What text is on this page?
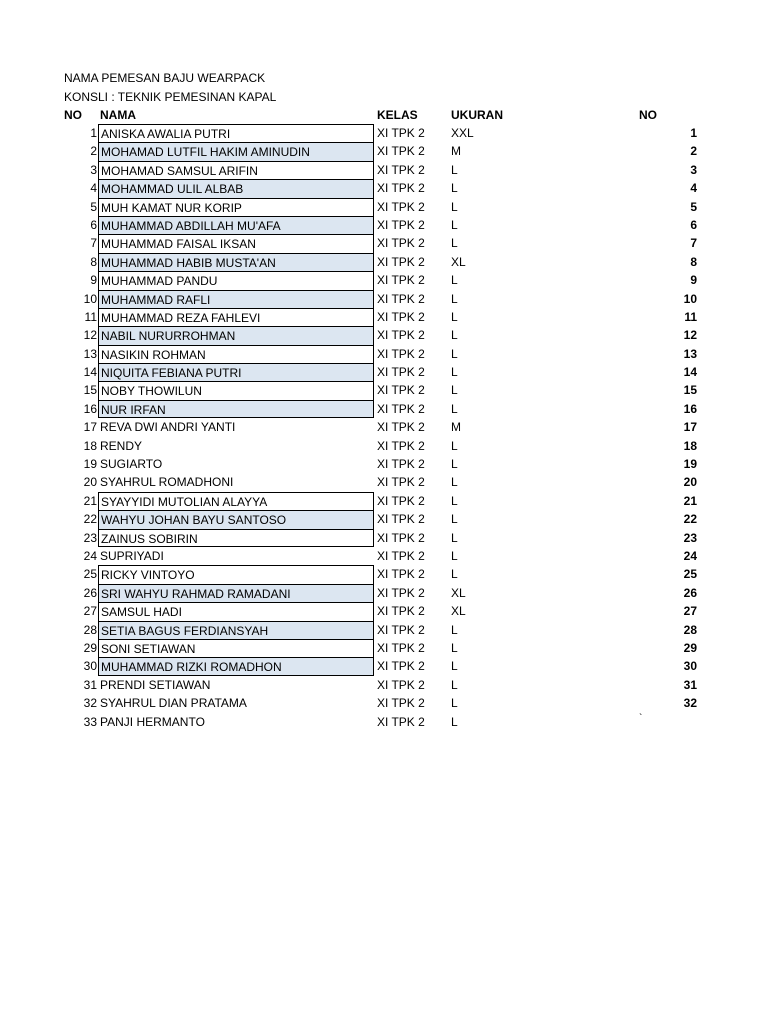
NAMA PEMESAN BAJU WEARPACK
KONSLI : TEKNIK PEMESINAN KAPAL
NO NAMA	KELAS	UKURAN	NO
1 ANISKA AWALIA PUTRI	XI TPK 2 XXL	1
2 MOHAMAD LUTFIL HAKIM AMINUDIN	XI TPK 2 M	2
3 MOHAMAD SAMSUL ARIFIN	XI TPK 2 L	3
4 MOHAMMAD ULIL ALBAB	XI TPK 2 L	4
5 MUH KAMAT NUR KORIP	XI TPK 2 L	5
6 MUHAMMAD ABDILLAH MU'AFA	XI TPK 2 L	6
7 MUHAMMAD FAISAL IKSAN	XI TPK 2 L	7
8 MUHAMMAD HABIB MUSTA'AN	XI TPK 2 XL	8
9 MUHAMMAD PANDU	XI TPK 2 L	9
10 MUHAMMAD RAFLI	XI TPK 2 L	10
11 MUHAMMAD REZA FAHLEVI	XI TPK 2 L	11
12 NABIL NURURROHMAN	XI TPK 2 L	12
13 NASIKIN ROHMAN	XI TPK 2 L	13
14 NIQUITA FEBIANA PUTRI	XI TPK 2 L	14
15 NOBY THOWILUN	XI TPK 2 L	15
16 NUR IRFAN	XI TPK 2 L	16
17 REVA DWI ANDRI YANTI	XI TPK 2 M	17
18 RENDY	XI TPK 2 L	18
19 SUGIARTO	XI TPK 2 L	19
20 SYAHRUL ROMADHONI	XI TPK 2 L	20
21 SYAYYIDI MUTOLIAN ALAYYA	XI TPK 2 L	21
22 WAHYU JOHAN BAYU SANTOSO	XI TPK 2 L	22
23 ZAINUS SOBIRIN	XI TPK 2 L	23
24 SUPRIYADI	XI TPK 2 L	24
25 RICKY VINTOYO	XI TPK 2 L	25
26 SRI WAHYU RAHMAD RAMADANI	XI TPK 2 XL	26
27 SAMSUL HADI	XI TPK 2 XL	27
28 SETIA BAGUS FERDIANSYAH	XI TPK 2 L	28
29 SONI SETIAWAN	XI TPK 2 L	29
30 MUHAMMAD RIZKI ROMADHON	XI TPK 2 L	30
31 PRENDI SETIAWAN	XI TPK 2 L	31
32 SYAHRUL DIAN PRATAMA	XI TPK 2 L	32
33 PANJI HERMANTO	XI TPK 2 L	`
